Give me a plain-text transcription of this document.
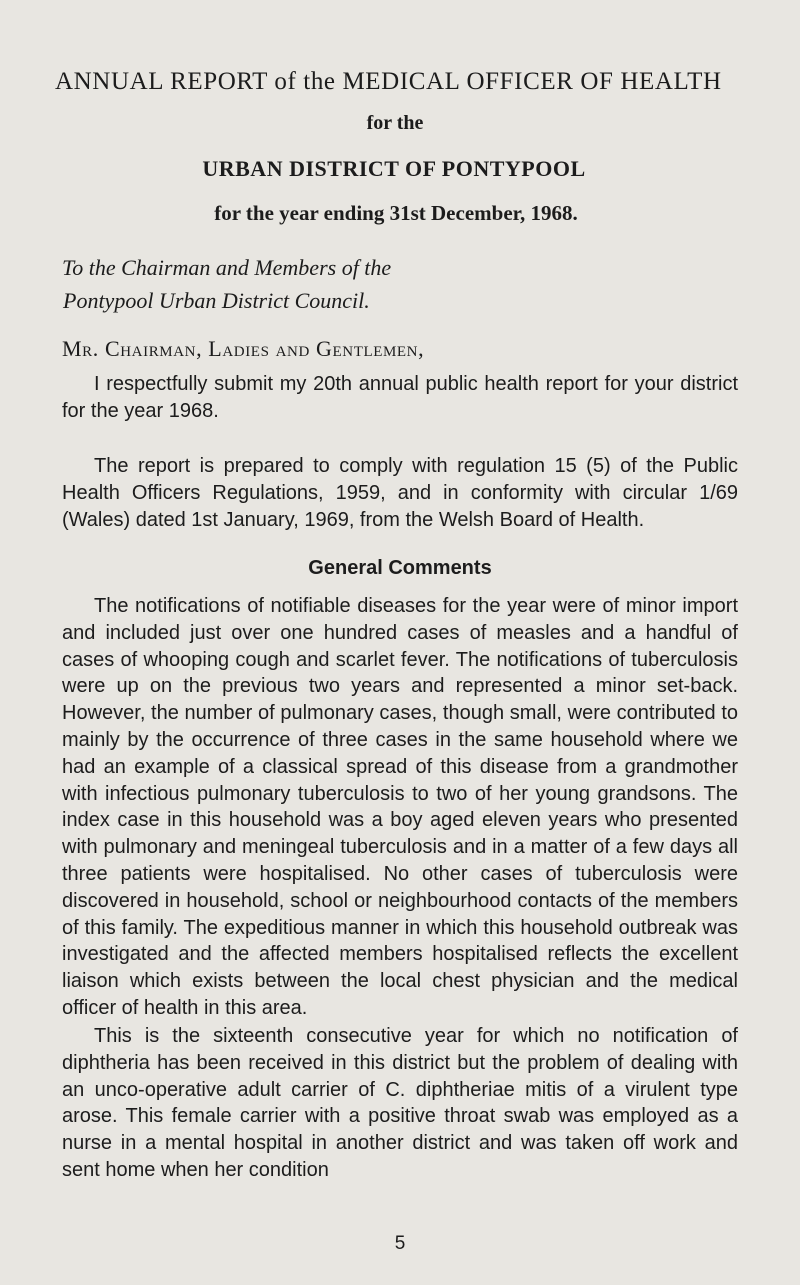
ANNUAL REPORT of the MEDICAL OFFICER OF HEALTH
for the
URBAN DISTRICT OF PONTYPOOL
for the year ending 31st December, 1968.
To the Chairman and Members of the
Pontypool Urban District Council.
Mr. Chairman, Ladies and Gentlemen,

I respectfully submit my 20th annual public health report for your district for the year 1968.

The report is prepared to comply with regulation 15 (5) of the Public Health Officers Regulations, 1959, and in conformity with circular 1/69 (Wales) dated 1st January, 1969, from the Welsh Board of Health.

General Comments

The notifications of notifiable diseases for the year were of minor import and included just over one hundred cases of measles and a handful of cases of whooping cough and scarlet fever. The notifications of tuberculosis were up on the previous two years and represented a minor set-back. However, the number of pulmonary cases, though small, were contributed to mainly by the occurrence of three cases in the same household where we had an example of a classical spread of this disease from a grandmother with infectious pulmonary tuberculosis to two of her young grandsons. The index case in this household was a boy aged eleven years who presented with pulmonary and meningeal tuberculosis and in a matter of a few days all three patients were hospitalised. No other cases of tuberculosis were discovered in household, school or neighbourhood contacts of the members of this family. The expeditious manner in which this household outbreak was investigated and the affected members hospitalised reflects the excellent liaison which exists between the local chest physician and the medical officer of health in this area.

This is the sixteenth consecutive year for which no notification of diphtheria has been received in this district but the problem of dealing with an unco-operative adult carrier of C. diphtheriae mitis of a virulent type arose. This female carrier with a positive throat swab was employed as a nurse in a mental hospital in another district and was taken off work and sent home when her condition

5
